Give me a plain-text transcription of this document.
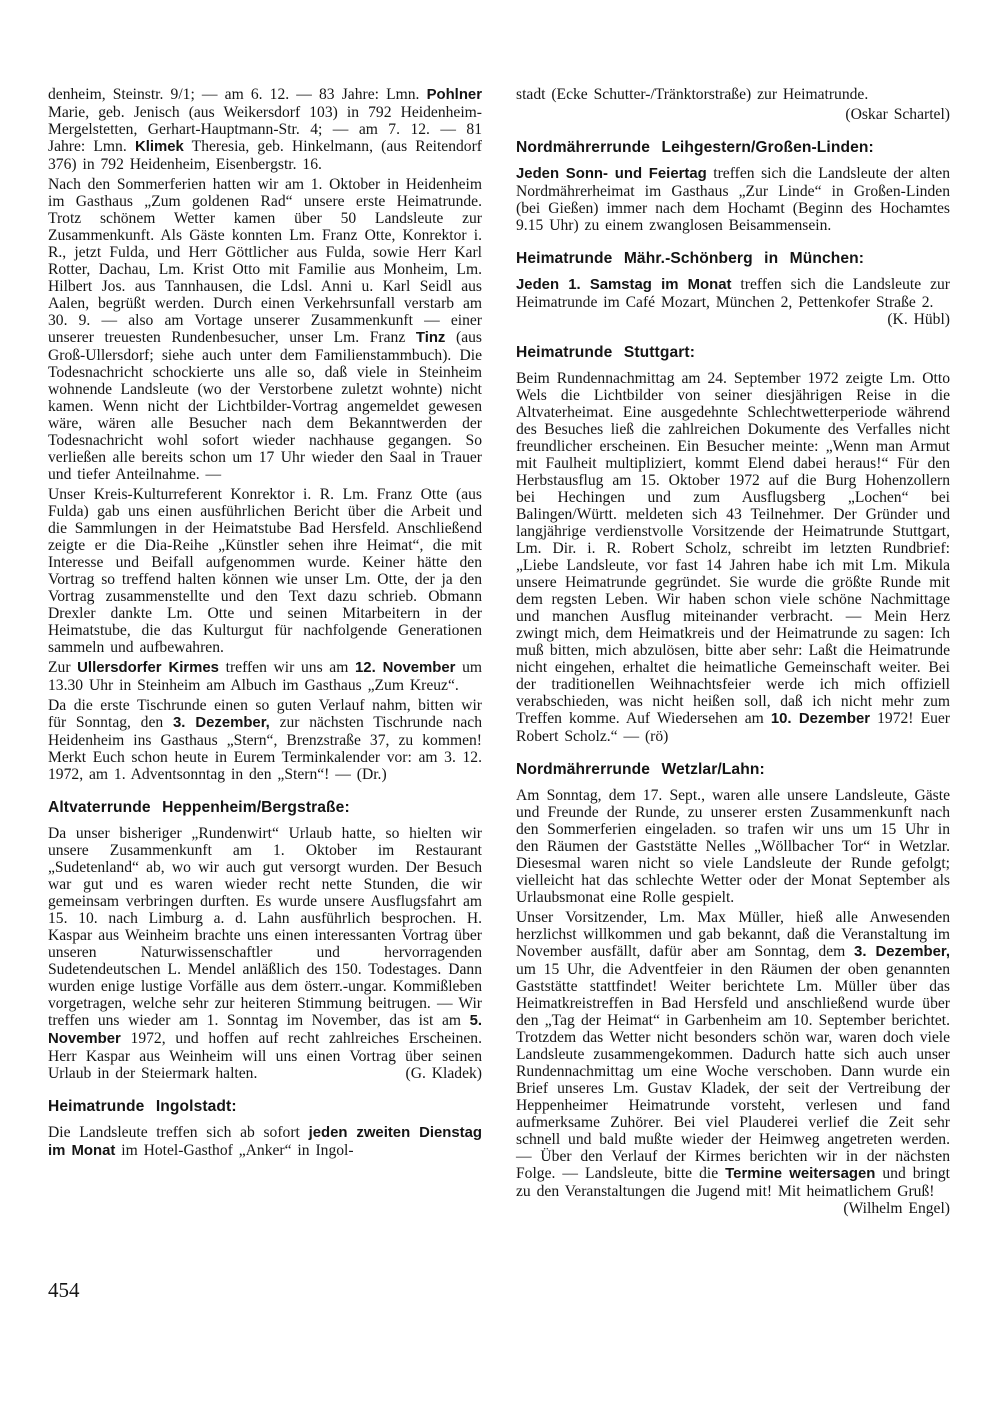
denheim, Steinstr. 9/1; — am 6. 12. — 83 Jahre: Lmn. Pohlner Marie, geb. Jenisch (aus Weikersdorf 103) in 792 Heidenheim-Mergelstetten, Gerhart-Hauptmann-Str. 4; — am 7. 12. — 81 Jahre: Lmn. Klimek Theresia, geb. Hinkelmann, (aus Reitendorf 376) in 792 Heidenheim, Eisenbergstr. 16.

Nach den Sommerferien hatten wir am 1. Oktober in Heidenheim im Gasthaus „Zum goldenen Rad“ unsere erste Heimatrunde. Trotz schönem Wetter kamen über 50 Landsleute zur Zusammenkunft. Als Gäste konnten Lm. Franz Otte, Konrektor i. R., jetzt Fulda, und Herr Göttlicher aus Fulda, sowie Herr Karl Rotter, Dachau, Lm. Krist Otto mit Familie aus Monheim, Lm. Hilbert Jos. aus Tannhausen, die Ldsl. Anni u. Karl Seidl aus Aalen, begrüßt werden. Durch einen Verkehrsunfall verstarb am 30. 9. — also am Vortage unserer Zusammenkunft — einer unserer treuesten Rundenbesucher, unser Lm. Franz Tinz (aus Groß-Ullersdorf; siehe auch unter dem Familienstammbuch). Die Todesnachricht schockierte uns alle so, daß viele in Steinheim wohnende Landsleute (wo der Verstorbene zuletzt wohnte) nicht kamen. Wenn nicht der Lichtbilder-Vortrag angemeldet gewesen wäre, wären alle Besucher nach dem Bekanntwerden der Todesnachricht wohl sofort wieder nachhause gegangen. So verließen alle bereits schon um 17 Uhr wieder den Saal in Trauer und tiefer Anteilnahme. —

Unser Kreis-Kulturreferent Konrektor i. R. Lm. Franz Otte (aus Fulda) gab uns einen ausführlichen Bericht über die Arbeit und die Sammlungen in der Heimatstube Bad Hersfeld. Anschließend zeigte er die Dia-Reihe „Künstler sehen ihre Heimat“, die mit Interesse und Beifall aufgenommen wurde. Keiner hätte den Vortrag so treffend halten können wie unser Lm. Otte, der ja den Vortrag zusammenstellte und den Text dazu schrieb. Obmann Drexler dankte Lm. Otte und seinen Mitarbeitern in der Heimatstube, die das Kulturgut für nachfolgende Generationen sammeln und aufbewahren.

Zur Ullersdorfer Kirmes treffen wir uns am 12. November um 13.30 Uhr in Steinheim am Albuch im Gasthaus „Zum Kreuz“.

Da die erste Tischrunde einen so guten Verlauf nahm, bitten wir für Sonntag, den 3. Dezember, zur nächsten Tischrunde nach Heidenheim ins Gasthaus „Stern“, Brenzstraße 37, zu kommen! Merkt Euch schon heute in Eurem Terminkalender vor: am 3. 12. 1972, am 1. Adventsonntag in den „Stern“! — (Dr.)

Altvaterrunde Heppenheim/Bergstraße:

Da unser bisheriger „Rundenwirt“ Urlaub hatte, so hielten wir unsere Zusammenkunft am 1. Oktober im Restaurant „Sudetenland“ ab, wo wir auch gut versorgt wurden. Der Besuch war gut und es waren wieder recht nette Stunden, die wir gemeinsam verbringen durften. Es wurde unsere Ausflugsfahrt am 15. 10. nach Limburg a. d. Lahn ausführlich besprochen. H. Kaspar aus Weinheim brachte uns einen interessanten Vortrag über unseren Naturwissenschaftler und hervorragenden Sudetendeutschen L. Mendel anläßlich des 150. Todestages. Dann wurden enige lustige Vorfälle aus dem österr.-ungar. Kommißleben vorgetragen, welche sehr zur heiteren Stimmung beitrugen. — Wir treffen uns wieder am 1. Sonntag im November, das ist am 5. November 1972, und hoffen auf recht zahlreiches Erscheinen. Herr Kaspar aus Weinheim will uns einen Vortrag über seinen Urlaub in der Steiermark halten.	(G. Kladek)

Heimatrunde Ingolstadt:

Die Landsleute treffen sich ab sofort jeden zweiten Dienstag im Monat im Hotel-Gasthof „Anker“ in Ingol-

stadt (Ecke Schutter-/Tränktorstraße) zur Heimatrunde.

(Oskar Schartel)

Nordmährerrunde Leihgestern/Großen-Linden:

Jeden Sonn- und Feiertag treffen sich die Landsleute der alten Nordmährerheimat im Gasthaus „Zur Linde“ in Großen-Linden (bei Gießen) immer nach dem Hochamt (Beginn des Hochamtes 9.15 Uhr) zu einem zwanglosen Beisammensein.

Heimatrunde Mähr.-Schönberg in München:

Jeden 1. Samstag im Monat treffen sich die Landsleute zur Heimatrunde im Café Mozart, München 2, Pettenkofer Straße 2.
(K. Hübl)

Heimatrunde Stuttgart:

Beim Rundennachmittag am 24. September 1972 zeigte Lm. Otto Wels die Lichtbilder von seiner diesjährigen Reise in die Altvaterheimat. Eine ausgedehnte Schlechtwetterperiode während des Besuches ließ die zahlreichen Dokumente des Verfalles nicht freundlicher erscheinen. Ein Besucher meinte: „Wenn man Armut mit Faulheit multipliziert, kommt Elend dabei heraus!“ Für den Herbstausflug am 15. Oktober 1972 auf die Burg Hohenzollern bei Hechingen und zum Ausflugsberg „Lochen“ bei Balingen/Württ. meldeten sich 43 Teilnehmer. Der Gründer und langjährige verdienstvolle Vorsitzende der Heimatrunde Stuttgart, Lm. Dir. i. R. Robert Scholz, schreibt im letzten Rundbrief: „Liebe Landsleute, vor fast 14 Jahren habe ich mit Lm. Mikula unsere Heimatrunde gegründet. Sie wurde die größte Runde mit dem regsten Leben. Wir haben schon viele schöne Nachmittage und manchen Ausflug miteinander verbracht. — Mein Herz zwingt mich, dem Heimatkreis und der Heimatrunde zu sagen: Ich muß bitten, mich abzulösen, bitte aber sehr: Laßt die Heimatrunde nicht eingehen, erhaltet die heimatliche Gemeinschaft weiter. Bei der traditionellen Weihnachtsfeier werde ich mich offiziell verabschieden, was nicht heißen soll, daß ich nicht mehr zum Treffen komme. Auf Wiedersehen am 10. Dezember 1972! Euer Robert Scholz.“ — (rö)

Nordmährerrunde Wetzlar/Lahn:

Am Sonntag, dem 17. Sept., waren alle unsere Landsleute, Gäste und Freunde der Runde, zu unserer ersten Zusammenkunft nach den Sommerferien eingeladen. so trafen wir uns um 15 Uhr in den Räumen der Gaststätte Nelles „Wöllbacher Tor“ in Wetzlar. Diesesmal waren nicht so viele Landsleute der Runde gefolgt; vielleicht hat das schlechte Wetter oder der Monat September als Urlaubsmonat eine Rolle gespielt.

Unser Vorsitzender, Lm. Max Müller, hieß alle Anwesenden herzlichst willkommen und gab bekannt, daß die Veranstaltung im November ausfällt, dafür aber am Sonntag, dem 3. Dezember, um 15 Uhr, die Adventfeier in den Räumen der oben genannten Gaststätte stattfindet! Weiter berichtete Lm. Müller über das Heimatkreistreffen in Bad Hersfeld und anschließend wurde über den „Tag der Heimat“ in Garbenheim am 10. September berichtet. Trotzdem das Wetter nicht besonders schön war, waren doch viele Landsleute zusammengekommen. Dadurch hatte sich auch unser Rundennachmittag um eine Woche verschoben. Dann wurde ein Brief unseres Lm. Gustav Kladek, der seit der Vertreibung der Heppenheimer Heimatrunde vorsteht, verlesen und fand aufmerksame Zuhörer. Bei viel Plauderei verlief die Zeit sehr schnell und bald mußte wieder der Heimweg angetreten werden. — Über den Verlauf der Kirmes berichten wir in der nächsten Folge. — Landsleute, bitte die Termine weitersagen und bringt zu den Veranstaltungen die Jugend mit! Mit heimatlichem Gruß!
(Wilhelm Engel)

454
